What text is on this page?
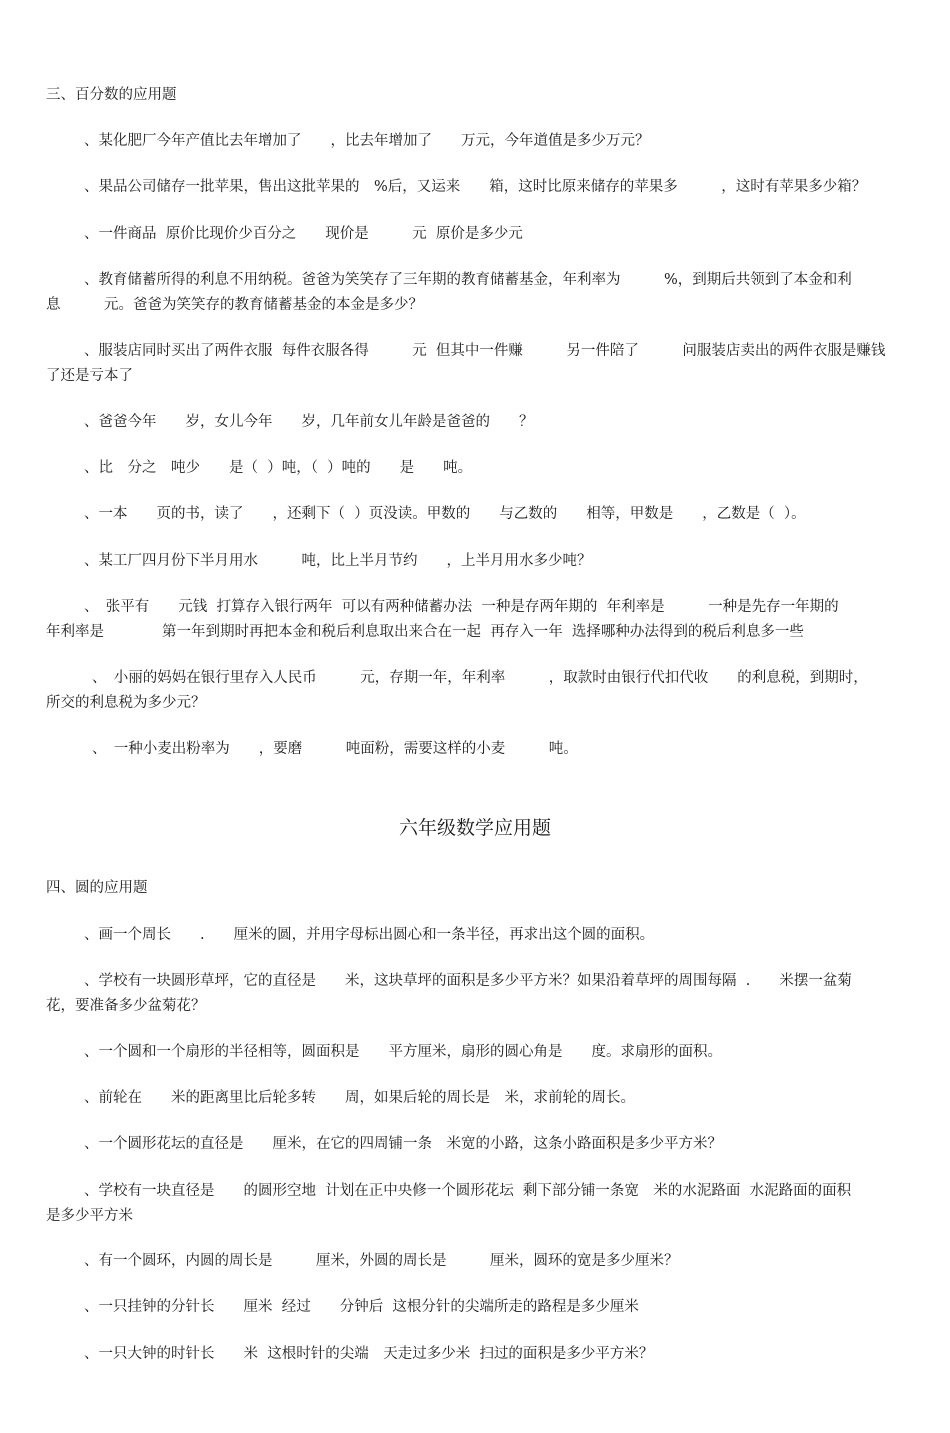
三、百分数的应用题
、某化肥厂今年产值比去年增加了　　，比去年增加了　　万元，今年道值是多少万元？
、果品公司储存一批苹果，售出这批苹果的　%后，又运来　　箱，这时比原来储存的苹果多　　　，这时有苹果多少箱？
、一件商品  原价比现价少百分之　　现价是　　　元  原价是多少元
、教育储蓄所得的利息不用纳税。爸爸为笑笑存了三年期的教育储蓄基金，年利率为　　　%，到期后共领到了本金和利
息　　　元。爸爸为笑笑存的教育储蓄基金的本金是多少？
、服装店同时买出了两件衣服  每件衣服各得　　　元  但其中一件赚　　　另一件陪了　　　问服装店卖出的两件衣服是赚钱
了还是亏本了
、爸爸今年　　岁，女儿今年　　岁，几年前女儿年龄是爸爸的　　？
、比　分之　吨少　　是（  ）吨，（  ）吨的　　是　　吨。
、一本　　页的书，读了　　，还剩下（  ）页没读。甲数的　　与乙数的　　相等，甲数是　　，乙数是（  ）。
、某工厂四月份下半月用水　　　吨，比上半月节约　　，上半月用水多少吨？
、　张平有　　元钱  打算存入银行两年  可以有两种储蓄办法  一种是存两年期的  年利率是　　　一种是先存一年期的
年利率是　　　　第一年到期时再把本金和税后利息取出来合在一起  再存入一年  选择哪种办法得到的税后利息多一些
、　小丽的妈妈在银行里存入人民币　　　元，存期一年，年利率　　　，取款时由银行代扣代收　　的利息税，到期时，
所交的利息税为多少元？
、　一种小麦出粉率为　　，要磨　　　吨面粉，需要这样的小麦　　　吨。
六年级数学应用题
四、圆的应用题
、画一个周长　　.　　厘米的圆，并用字母标出圆心和一条半径，再求出这个圆的面积。
、学校有一块圆形草坪，它的直径是　　米，这块草坪的面积是多少平方米？如果沿着草坪的周围每隔  .　　米摆一盆菊
花，要准备多少盆菊花？
、一个圆和一个扇形的半径相等，圆面积是　　平方厘米，扇形的圆心角是　　度。求扇形的面积。
、前轮在　　米的距离里比后轮多转　　周，如果后轮的周长是　米，求前轮的周长。
、一个圆形花坛的直径是　　厘米，在它的四周铺一条　米宽的小路，这条小路面积是多少平方米？
、学校有一块直径是　　的圆形空地  计划在正中央修一个圆形花坛  剩下部分铺一条宽　米的水泥路面  水泥路面的面积
是多少平方米
、有一个圆环，内圆的周长是　　　厘米，外圆的周长是　　　厘米，圆环的宽是多少厘米？
、一只挂钟的分针长　　厘米  经过　　分钟后  这根分针的尖端所走的路程是多少厘米
、一只大钟的时针长　　米  这根时针的尖端　天走过多少米  扫过的面积是多少平方米？
